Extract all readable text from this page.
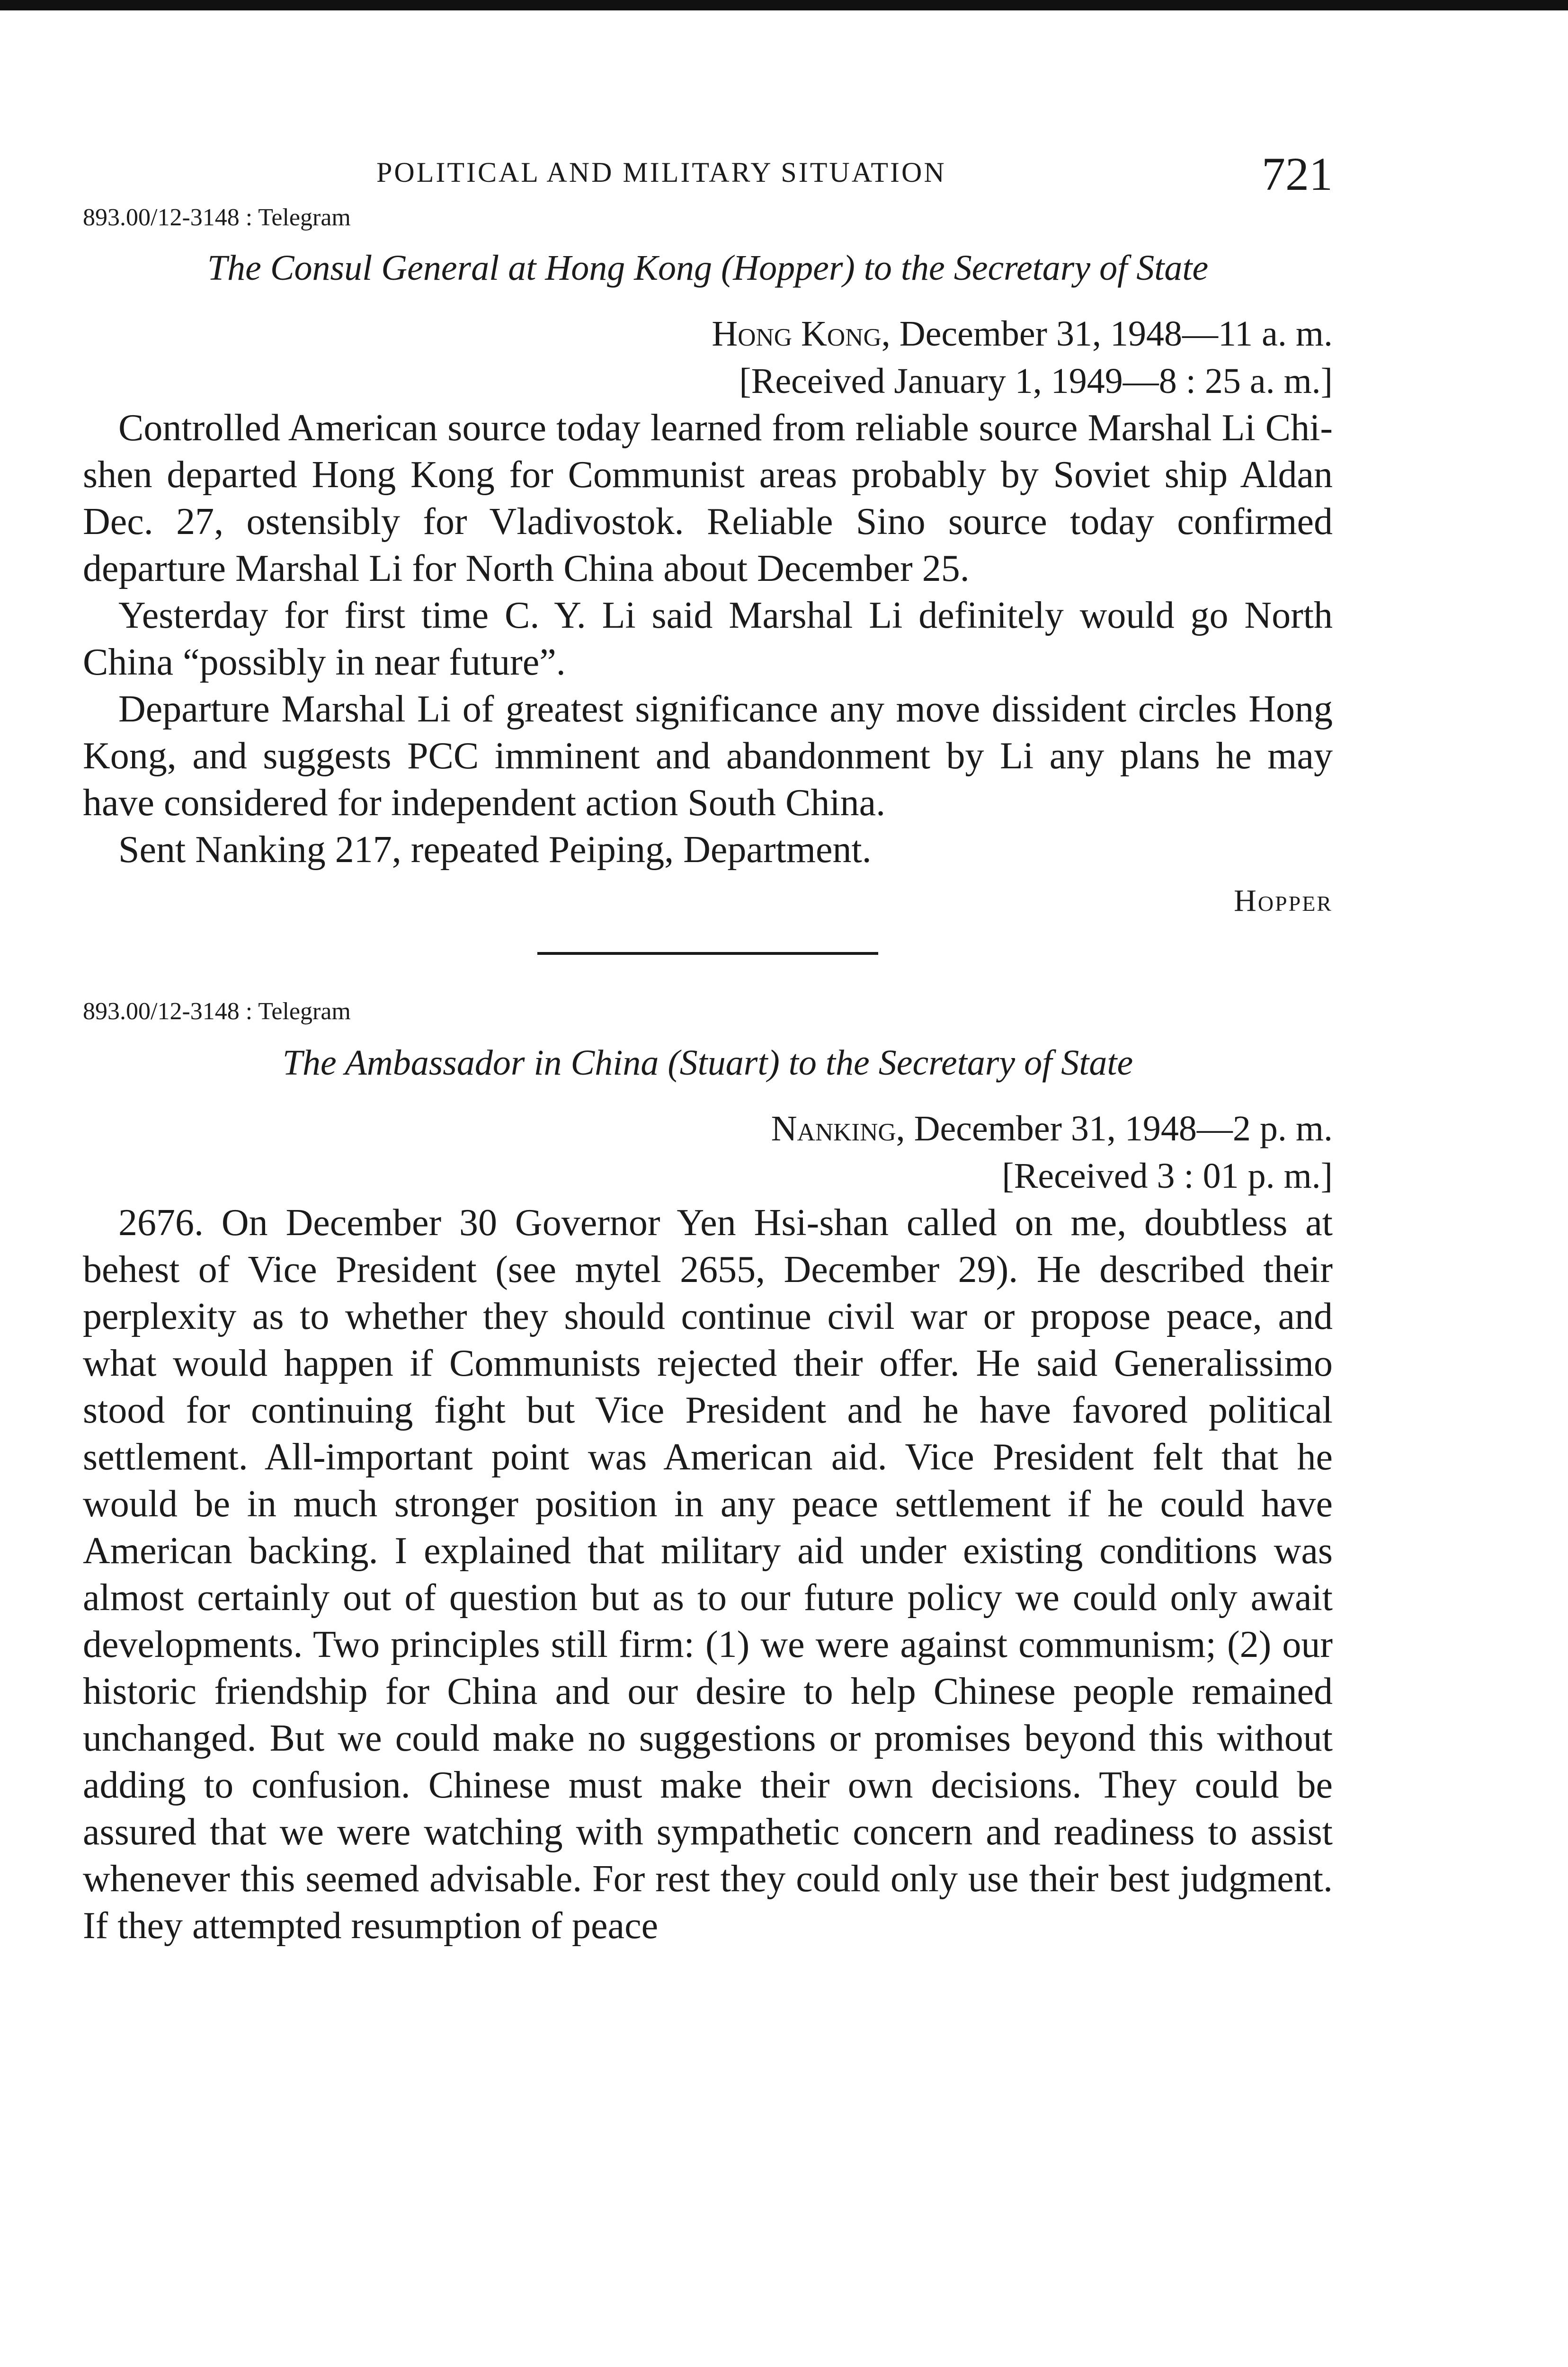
POLITICAL AND MILITARY SITUATION	721
893.00/12-3148 : Telegram
The Consul General at Hong Kong (Hopper) to the Secretary of State
Hong Kong, December 31, 1948—11 a. m.
[Received January 1, 1949—8 : 25 a. m.]

Controlled American source today learned from reliable source Marshal Li Chi-shen departed Hong Kong for Communist areas probably by Soviet ship Aldan Dec. 27, ostensibly for Vladivostok. Reliable Sino source today confirmed departure Marshal Li for North China about December 25.

Yesterday for first time C. Y. Li said Marshal Li definitely would go North China “possibly in near future”.

Departure Marshal Li of greatest significance any move dissident circles Hong Kong, and suggests PCC imminent and abandonment by Li any plans he may have considered for independent action South China.

Sent Nanking 217, repeated Peiping, Department.

Hopper
893.00/12-3148 : Telegram
The Ambassador in China (Stuart) to the Secretary of State
Nanking, December 31, 1948—2 p. m.
[Received 3 : 01 p. m.]

2676. On December 30 Governor Yen Hsi-shan called on me, doubtless at behest of Vice President (see mytel 2655, December 29). He described their perplexity as to whether they should continue civil war or propose peace, and what would happen if Communists rejected their offer. He said Generalissimo stood for continuing fight but Vice President and he have favored political settlement. All-important point was American aid. Vice President felt that he would be in much stronger position in any peace settlement if he could have American backing. I explained that military aid under existing conditions was almost certainly out of question but as to our future policy we could only await developments. Two principles still firm: (1) we were against communism; (2) our historic friendship for China and our desire to help Chinese people remained unchanged. But we could make no suggestions or promises beyond this without adding to confusion. Chinese must make their own decisions. They could be assured that we were watching with sympathetic concern and readiness to assist whenever this seemed advisable. For rest they could only use their best judgment. If they attempted resumption of peace
